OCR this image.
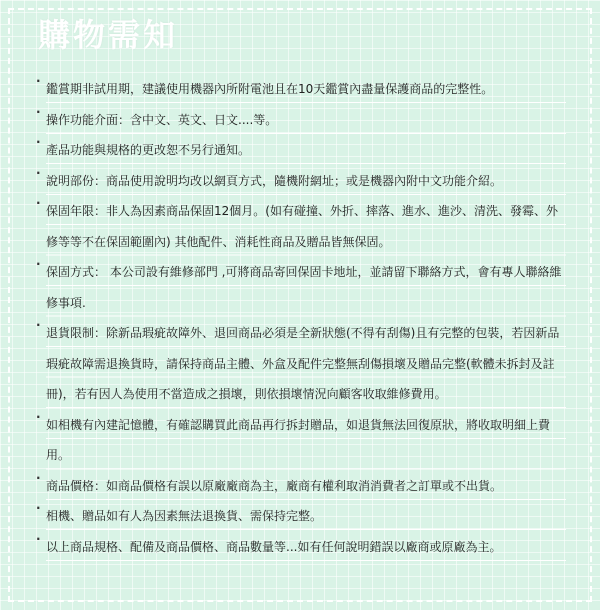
購物需知
· 鑑賞期非試用期，建議使用機器內所附電池且在10天鑑賞內盡量保護商品的完整性。
· 操作功能介面：含中文、英文、日文....等。
· 產品功能與規格的更改恕不另行通知。
· 說明部份：商品使用說明均改以網頁方式，隨機附網址；或是機器內附中文功能介紹。
· 保固年限：非人為因素商品保固12個月。(如有碰撞、外折、摔落、進水、進沙、清洗、發霉、外修等等不在保固範圍內) 其他配件、消耗性商品及贈品皆無保固。
· 保固方式： 本公司設有維修部門 ,可將商品寄回保固卡地址，並請留下聯絡方式，會有專人聯絡維修事項.
· 退貨限制：除新品瑕疵故障外、退回商品必須是全新狀態(不得有刮傷)且有完整的包裝，若因新品瑕疵故障需退換貨時，請保持商品主體、外盒及配件完整無刮傷損壞及贈品完整(軟體未拆封及註冊)，若有因人為使用不當造成之損壞，則依損壞情況向顧客收取維修費用。
· 如相機有內建記憶體，有確認購買此商品再行拆封贈品，如退貨無法回復原狀，將收取明細上費用。
· 商品價格：如商品價格有誤以原廠廠商為主，廠商有權利取消消費者之訂單或不出貨。
· 相機、贈品如有人為因素無法退換貨、需保持完整。
· 以上商品規格、配備及商品價格、商品數量等...如有任何說明錯誤以廠商或原廠為主。
